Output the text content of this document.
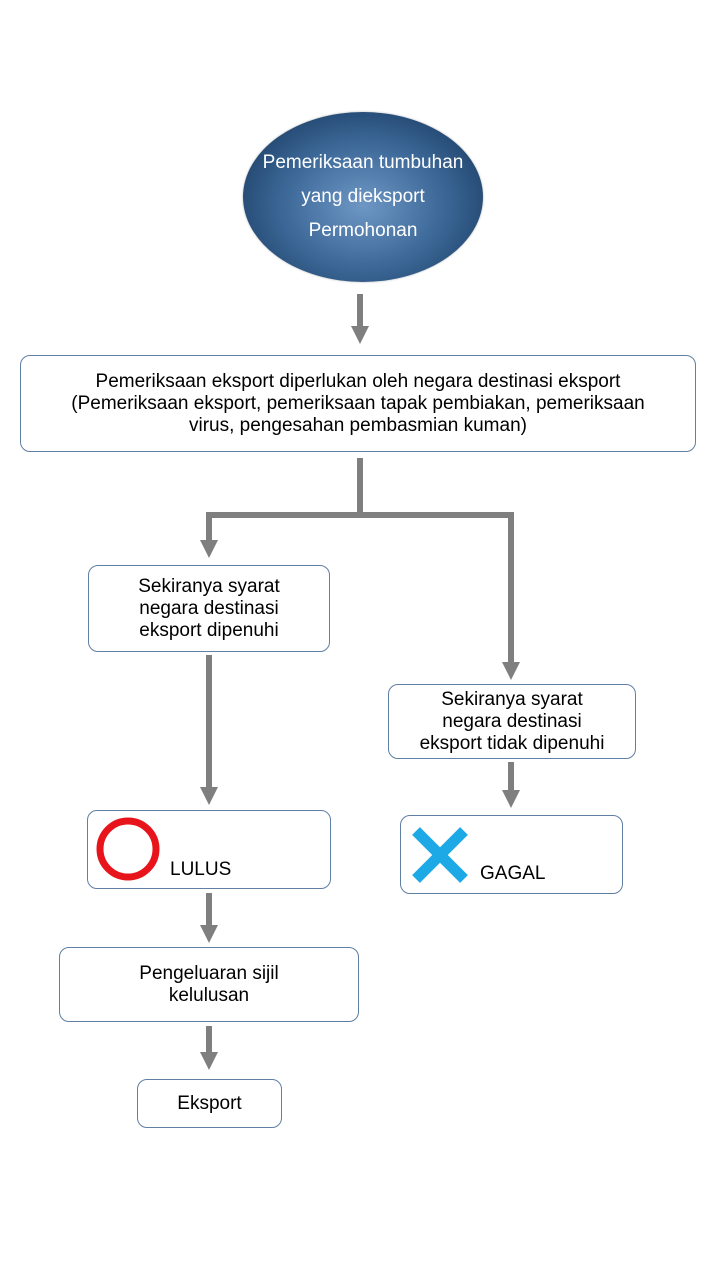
Pemeriksaan tumbuhan
yang dieksport
Permohonan
Pemeriksaan eksport diperlukan oleh negara destinasi eksport
(Pemeriksaan eksport, pemeriksaan tapak pembiakan, pemeriksaan
virus, pengesahan pembasmian kuman)
Sekiranya syarat
negara destinasi
eksport dipenuhi
Sekiranya syarat
negara destinasi
eksport tidak dipenuhi
LULUS	GAGAL
Pengeluaran sijil
kelulusan
Eksport
